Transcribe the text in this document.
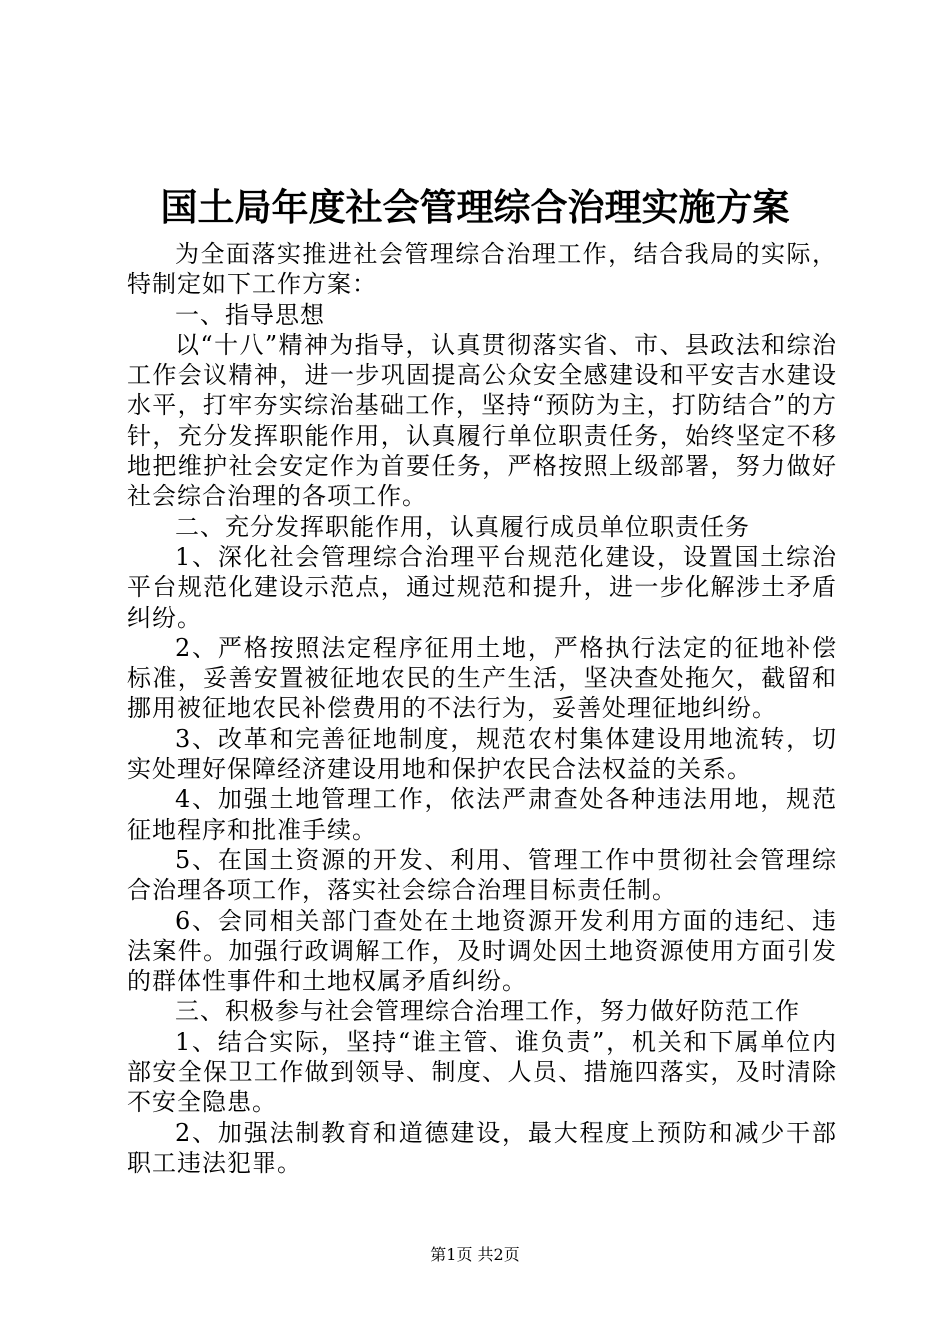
国土局年度社会管理综合治理实施方案

为全面落实推进社会管理综合治理工作，结合我局的实际，特制定如下工作方案：

一、指导思想

以“十八”精神为指导，认真贯彻落实省、市、县政法和综治工作会议精神，进一步巩固提高公众安全感建设和平安吉水建设水平，打牢夯实综治基础工作，坚持“预防为主，打防结合”的方针，充分发挥职能作用，认真履行单位职责任务，始终坚定不移地把维护社会安定作为首要任务，严格按照上级部署，努力做好社会综合治理的各项工作。

二、充分发挥职能作用，认真履行成员单位职责任务

1、深化社会管理综合治理平台规范化建设，设置国土综治平台规范化建设示范点，通过规范和提升，进一步化解涉土矛盾纠纷。

2、严格按照法定程序征用土地，严格执行法定的征地补偿标准，妥善安置被征地农民的生产生活，坚决查处拖欠，截留和挪用被征地农民补偿费用的不法行为，妥善处理征地纠纷。

3、改革和完善征地制度，规范农村集体建设用地流转，切实处理好保障经济建设用地和保护农民合法权益的关系。

4、加强土地管理工作，依法严肃查处各种违法用地，规范征地程序和批准手续。

5、在国土资源的开发、利用、管理工作中贯彻社会管理综合治理各项工作，落实社会综合治理目标责任制。

6、会同相关部门查处在土地资源开发利用方面的违纪、违法案件。加强行政调解工作，及时调处因土地资源使用方面引发的群体性事件和土地权属矛盾纠纷。

三、积极参与社会管理综合治理工作，努力做好防范工作

1、结合实际，坚持“谁主管、谁负责”，机关和下属单位内部安全保卫工作做到领导、制度、人员、措施四落实，及时清除不安全隐患。

2、加强法制教育和道德建设，最大程度上预防和减少干部职工违法犯罪。

第1页 共2页
